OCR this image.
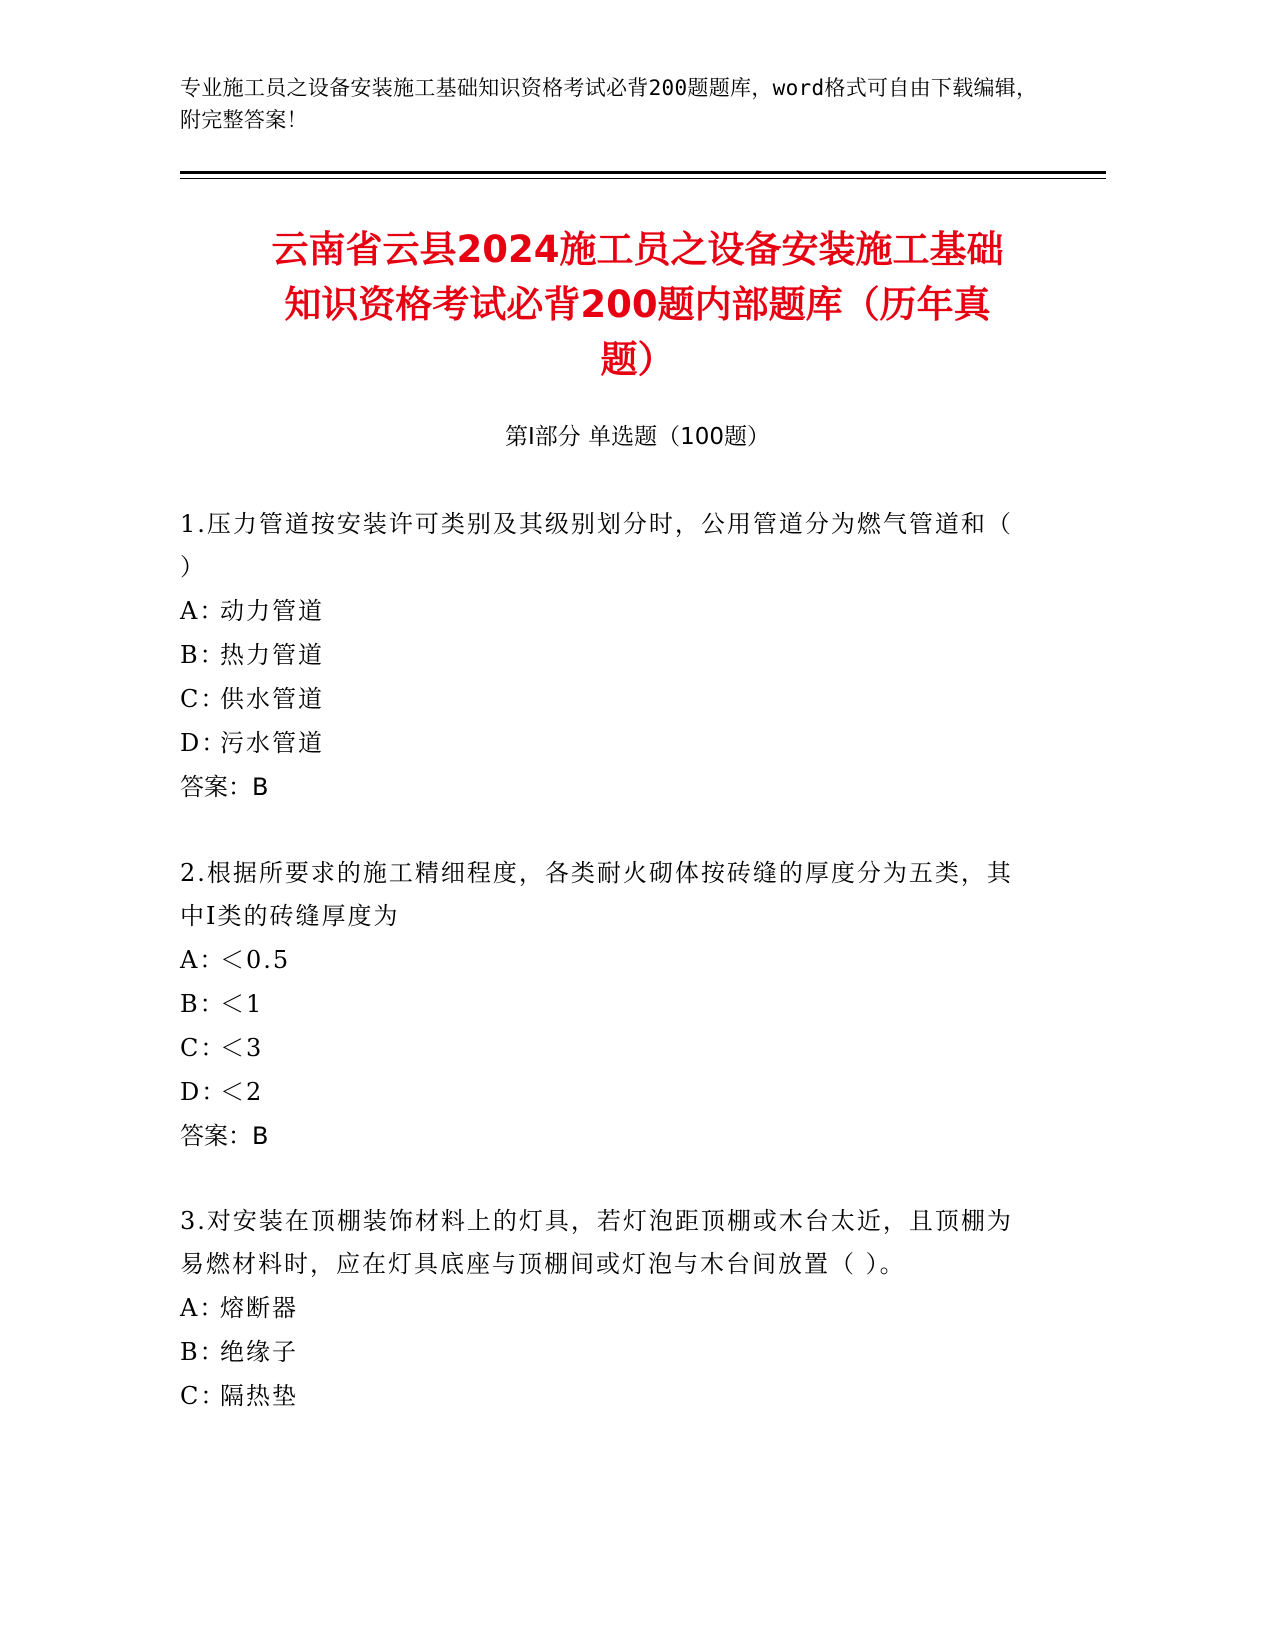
专业施工员之设备安装施工基础知识资格考试必背200题题库，word格式可自由下载编辑，附完整答案！
云南省云县2024施工员之设备安装施工基础
知识资格考试必背200题内部题库（历年真
题）
第I部分 单选题（100题）
1.压力管道按安装许可类别及其级别划分时，公用管道分为燃气管道和（ ）
A：
动力管道
B：
热力管道
C：
供水管道
D：
污水管道
答案：B
2.根据所要求的施工精细程度，各类耐火砌体按砖缝的厚度分为五类，其中Ⅰ类的砖缝厚度为
A：
＜0.5
B：
＜1
C：
＜3
D：
＜2
答案：B
3.对安装在顶棚装饰材料上的灯具，若灯泡距顶棚或木台太近，且顶棚为易燃材料时，应在灯具底座与顶棚间或灯泡与木台间放置（ ）。
A：
熔断器
B：
绝缘子
C：
隔热垫
